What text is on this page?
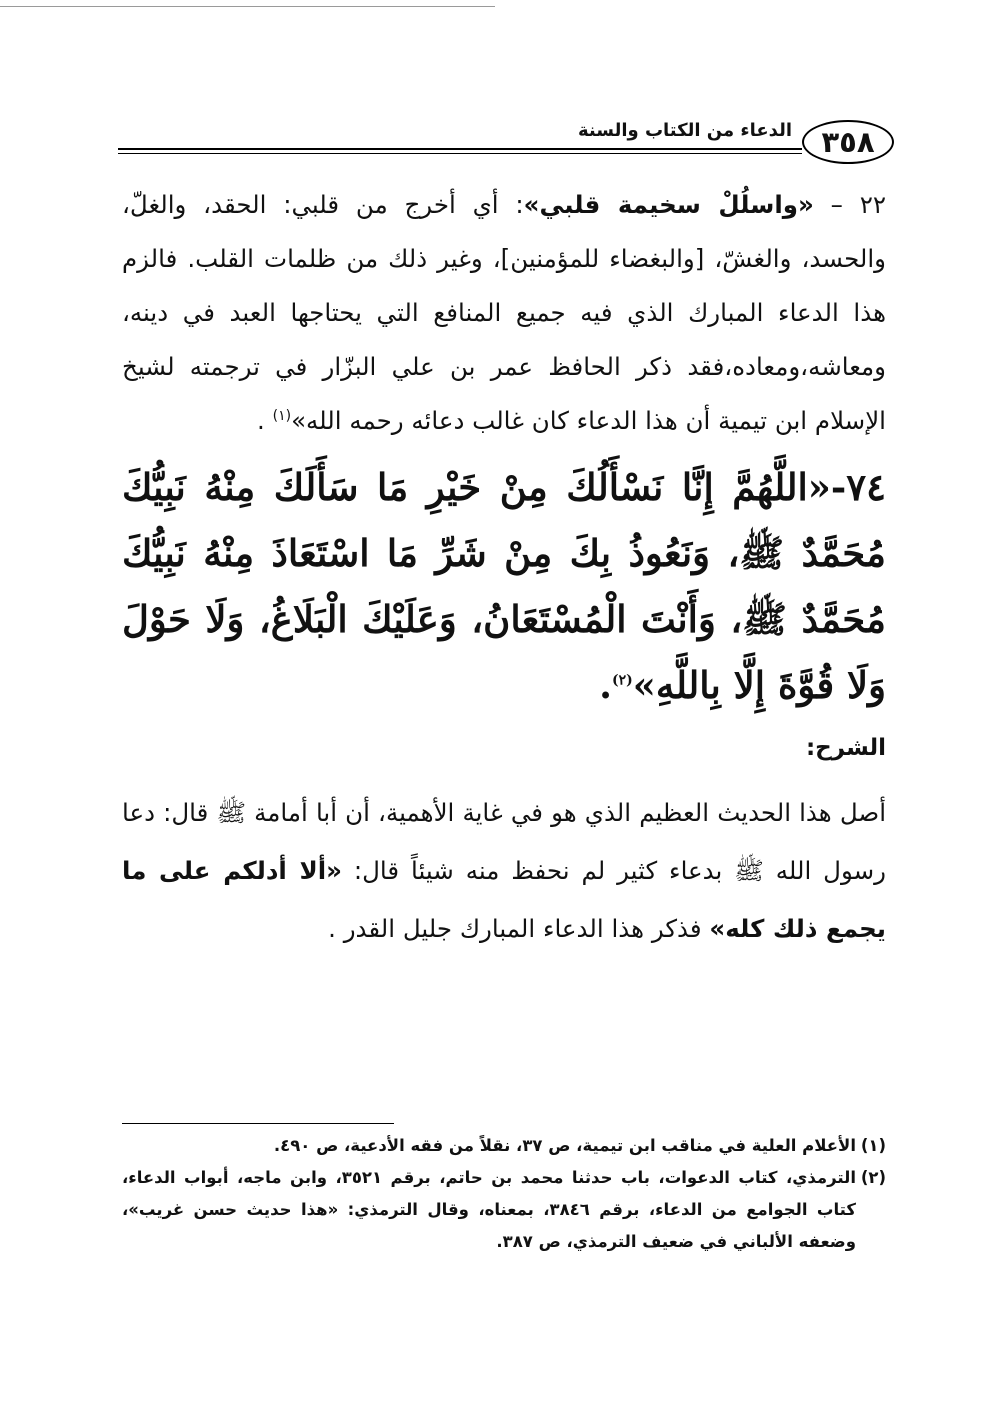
٣٥٨
الدعاء من الكتاب والسنة

٢٢ – «واسلُلْ سخيمة قلبي»: أي أخرج من قلبي: الحقد، والغلّ، والحسد، والغشّ، [والبغضاء للمؤمنين]، وغير ذلك من ظلمات القلب. فالزم هذا الدعاء المبارك الذي فيه جميع المنافع التي يحتاجها العبد في دينه، ومعاشه،ومعاده،فقد ذكر الحافظ عمر بن علي البزّار في ترجمته لشيخ الإسلام ابن تيمية أن هذا الدعاء كان غالب دعائه رحمه الله»$^{(١)}$ .

٧٤-«اللَّهُمَّ إِنَّا نَسْأَلُكَ مِنْ خَيْرِ مَا سَأَلَكَ مِنْهُ نَبِيُّكَ مُحَمَّدٌ ﷺ، وَنَعُوذُ بِكَ مِنْ شَرِّ مَا اسْتَعَاذَ مِنْهُ نَبِيُّكَ مُحَمَّدٌ ﷺ، وَأَنْتَ الْمُسْتَعَانُ، وَعَلَيْكَ الْبَلَاغُ، وَلَا حَوْلَ وَلَا قُوَّةَ إِلَّا بِاللَّهِ»$^{(٢)}$.

الشرح:

أصل هذا الحديث العظيم الذي هو في غاية الأهمية، أن أبا أمامة ﷺ قال: دعا رسول الله ﷺ بدعاء كثير لم نحفظ منه شيئاً قال: «ألا أدلكم على ما يجمع ذلك كله» فذكر هذا الدعاء المبارك جليل القدر .

(١)
الأعلام العلية في مناقب ابن تيمية، ص ٣٧، نقلاً من فقه الأدعية، ص ٤٩٠.
(٢)
الترمذي، كتاب الدعوات، باب حدثنا محمد بن حاتم، برقم ٣٥٢١، وابن ماجه، أبواب الدعاء، كتاب الجوامع من الدعاء، برقم ٣٨٤٦، بمعناه، وقال الترمذي: «هذا حديث حسن غريب»، وضعفه الألباني في ضعيف الترمذي، ص ٣٨٧.
